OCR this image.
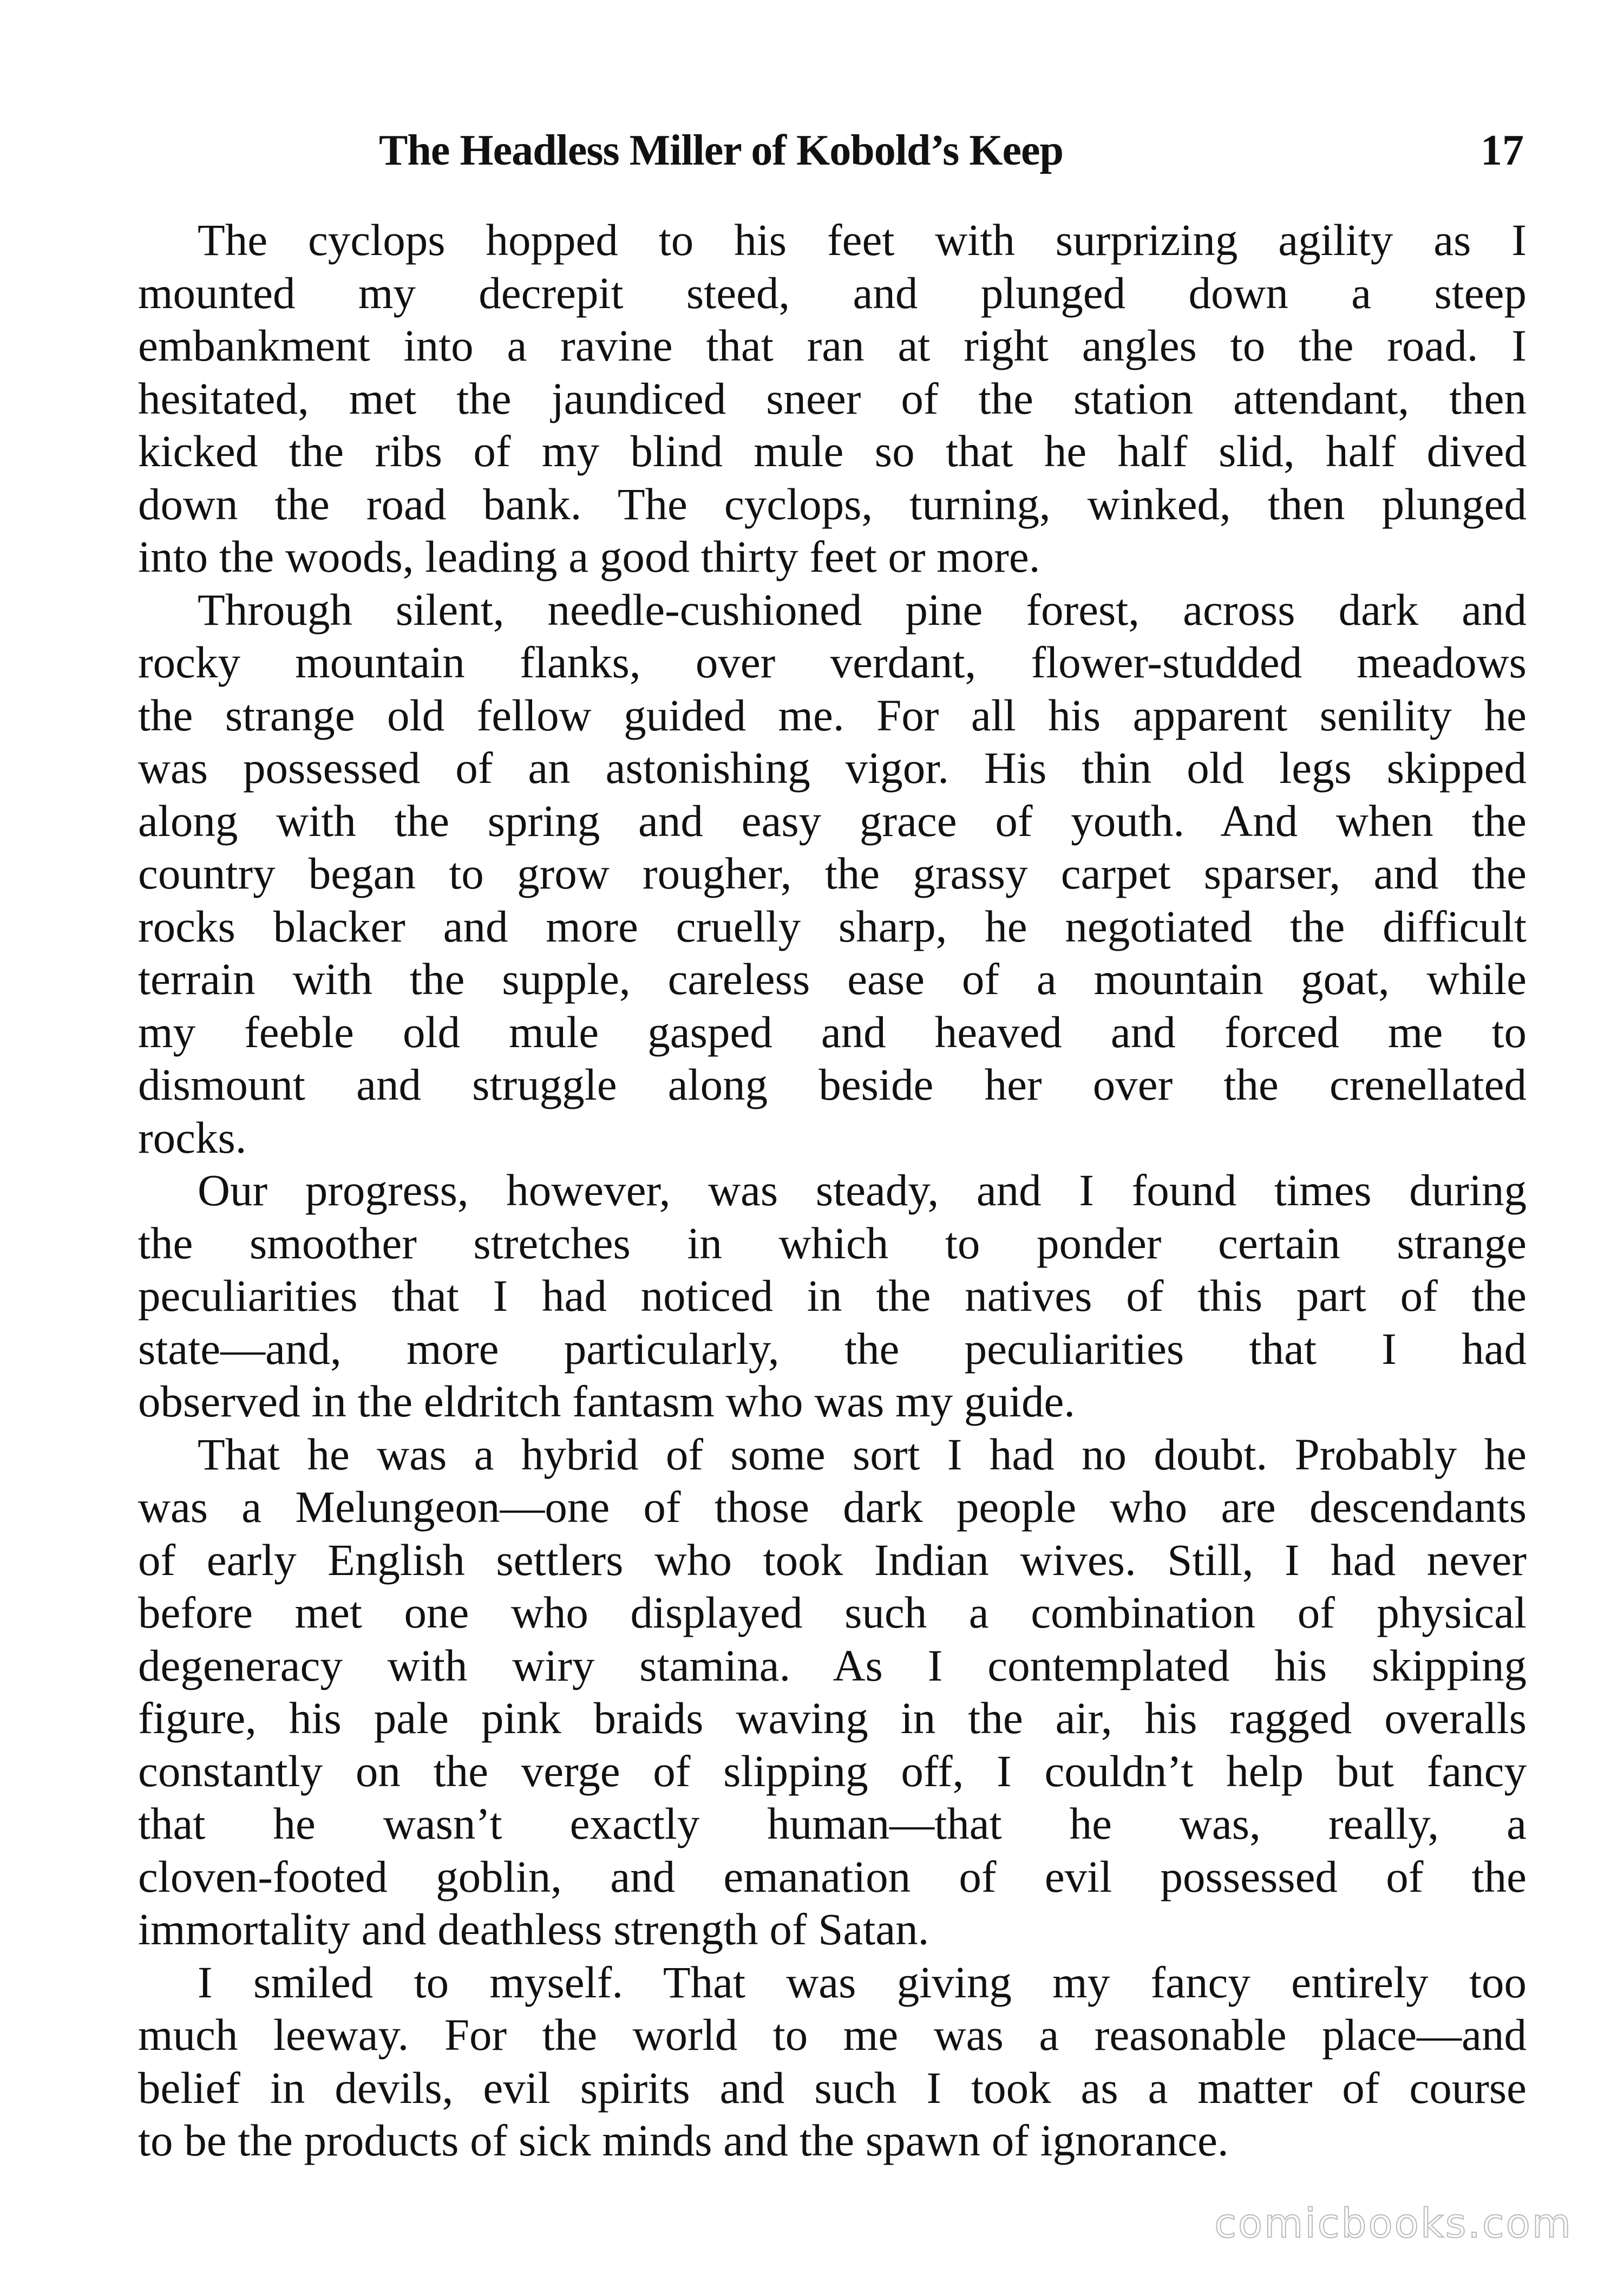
The Headless Miller of Kobold’s Keep	17

The cyclops hopped to his feet with surprizing agility as I
mounted my decrepit steed, and plunged down a steep
embankment into a ravine that ran at right angles to the road. I
hesitated, met the jaundiced sneer of the station attendant, then
kicked the ribs of my blind mule so that he half slid, half dived
down the road bank. The cyclops, turning, winked, then plunged
into the woods, leading a good thirty feet or more.

Through silent, needle-cushioned pine forest, across dark and
rocky mountain flanks, over verdant, flower-studded meadows
the strange old fellow guided me. For all his apparent senility he
was possessed of an astonishing vigor. His thin old legs skipped
along with the spring and easy grace of youth. And when the
country began to grow rougher, the grassy carpet sparser, and the
rocks blacker and more cruelly sharp, he negotiated the difficult
terrain with the supple, careless ease of a mountain goat, while
my feeble old mule gasped and heaved and forced me to
dismount and struggle along beside her over the crenellated
rocks.

Our progress, however, was steady, and I found times during
the smoother stretches in which to ponder certain strange
peculiarities that I had noticed in the natives of this part of the
state—and, more particularly, the peculiarities that I had
observed in the eldritch fantasm who was my guide.

That he was a hybrid of some sort I had no doubt. Probably he
was a Melungeon—one of those dark people who are descendants
of early English settlers who took Indian wives. Still, I had never
before met one who displayed such a combination of physical
degeneracy with wiry stamina. As I contemplated his skipping
figure, his pale pink braids waving in the air, his ragged overalls
constantly on the verge of slipping off, I couldn’t help but fancy
that he wasn’t exactly human—that he was, really, a
cloven-footed goblin, and emanation of evil possessed of the
immortality and deathless strength of Satan.

I smiled to myself. That was giving my fancy entirely too
much leeway. For the world to me was a reasonable place—and
belief in devils, evil spirits and such I took as a matter of course
to be the products of sick minds and the spawn of ignorance.

comicbooks.com
